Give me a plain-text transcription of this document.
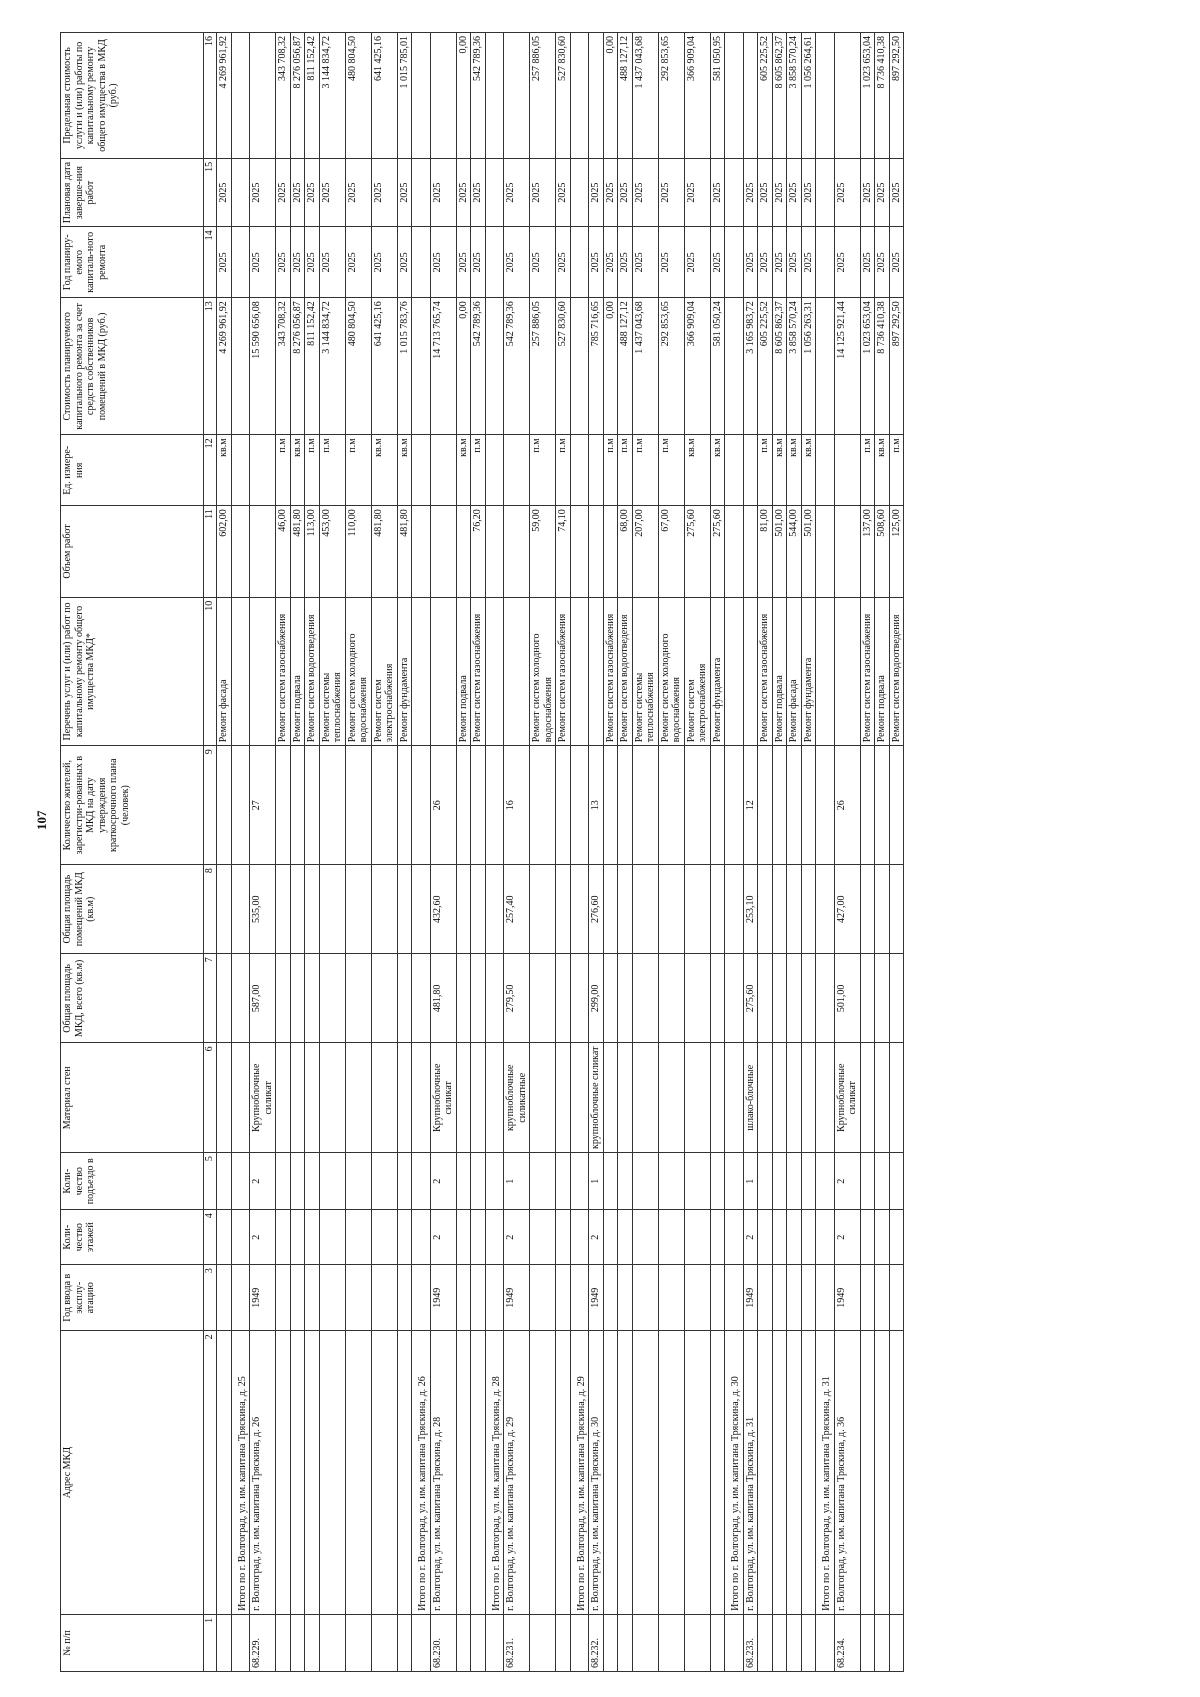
107
№ п/п	Адрес МКД	Год ввода в эксплу-атацию	Коли-чество этажей	Коли-чество подъездо в	Материал стен	Общая площадь МКД, всего (кв.м)	Общая площадь помещений МКД (кв.м)	Количество жителей, зарегистри-рованных в МКД на дату утверждения краткосрочного плана (человек)	Перечень услуг и (или) работ по капитальному ремонту общего имущества МКД*	Объем работ	Ед. измере-ния	Стоимость планируемого капитального ремонта за счет средств собственников помещений в МКД (руб.)	Год планиру-емого капиталь-ного ремонта	Плановая дата заверше-ния работ	Предельная стоимость услуги и (или) работы по капитальному ремонту общего имущества в МКД (руб.)
1	2	3	4	5	6	7	8	9	10	11	12	13	14	15	16
									Ремонт фасада	602,00	кв.м	4 269 961,92	2025	2025	4 269 961,92
	Итого по г. Волгоград, ул. им. капитана Тряскина, д. 25														
68.229.	г. Волгоград, ул. им. капитана Тряскина, д. 26	1949	2	2	Крупноблочные силикат	587,00	535,00	27				15 590 656,08	2025	2025	
									Ремонт систем газоснабжения	46,00	п.м	343 708,32	2025	2025	343 708,32
									Ремонт подвала	481,80	кв.м	8 276 056,87	2025	2025	8 276 056,87
									Ремонт систем водоотведения	113,00	п.м	811 152,42	2025	2025	811 152,42
									Ремонт системы теплоснабжения	453,00	п.м	3 144 834,72	2025	2025	3 144 834,72
									Ремонт систем холодного водоснабжения	110,00	п.м	480 804,50	2025	2025	480 804,50
									Ремонт систем электроснабжения	481,80	кв.м	641 425,16	2025	2025	641 425,16
									Ремонт фундамента	481,80	кв.м	1 015 783,76	2025	2025	1 015 785,01
	Итого по г. Волгоград, ул. им. капитана Тряскина, д. 26														
68.230.	г. Волгоград, ул. им. капитана Тряскина, д. 28	1949	2	2	Крупноблочные силикат	481,80	432,60	26				14 713 765,74	2025	2025	
									Ремонт подвала		кв.м	0,00	2025	2025	0,00
									Ремонт систем газоснабжения	76,20	п.м	542 789,36	2025	2025	542 789,36
	Итого по г. Волгоград, ул. им. капитана Тряскина, д. 28														
68.231.	г. Волгоград, ул. им. капитана Тряскина, д. 29	1949	2	1	крупноблочные силикатные	279,50	257,40	16				542 789,36	2025	2025	
									Ремонт систем холодного водоснабжения	59,00	п.м	257 886,05	2025	2025	257 886,05
									Ремонт систем газоснабжения	74,10	п.м	527 830,60	2025	2025	527 830,60
	Итого по г. Волгоград, ул. им. капитана Тряскина, д. 29														
68.232.	г. Волгоград, ул. им. капитана Тряскина, д. 30	1949	2	1	крупноблочные силикат	299,00	276,60	13				785 716,65	2025	2025	
									Ремонт систем газоснабжения		п.м	0,00	2025	2025	0,00
									Ремонт систем водоотведения	68,00	п.м	488 127,12	2025	2025	488 127,12
									Ремонт системы теплоснабжения	207,00	п.м	1 437 043,68	2025	2025	1 437 043,68
									Ремонт систем холодного водоснабжения	67,00	п.м	292 853,65	2025	2025	292 853,65
									Ремонт систем электроснабжения	275,60	кв.м	366 909,04	2025	2025	366 909,04
									Ремонт фундамента	275,60	кв.м	581 050,24	2025	2025	581 050,95
	Итого по г. Волгоград, ул. им. капитана Тряскина, д. 30														
68.233.	г. Волгоград, ул. им. капитана Тряскина, д. 31	1949	2	1	шлако-блочные	275,60	253,10	12				3 165 983,72	2025	2025	
									Ремонт систем газоснабжения	81,00	п.м	605 225,52	2025	2025	605 225,52
									Ремонт подвала	501,00	кв.м	8 605 862,37	2025	2025	8 605 862,37
									Ремонт фасада	544,00	кв.м	3 858 570,24	2025	2025	3 858 570,24
									Ремонт фундамента	501,00	кв.м	1 056 263,31	2025	2025	1 056 264,61
	Итого по г. Волгоград, ул. им. капитана Тряскина, д. 31														
68.234.	г. Волгоград, ул. им. капитана Тряскина, д. 36	1949	2	2	Крупноблочные силикат	501,00	427,00	26				14 125 921,44	2025	2025	
									Ремонт систем газоснабжения	137,00	п.м	1 023 653,04	2025	2025	1 023 653,04
									Ремонт подвала	508,60	кв.м	8 736 410,38	2025	2025	8 736 410,38
									Ремонт систем водоотведения	125,00	п.м	897 292,50	2025	2025	897 292,50
